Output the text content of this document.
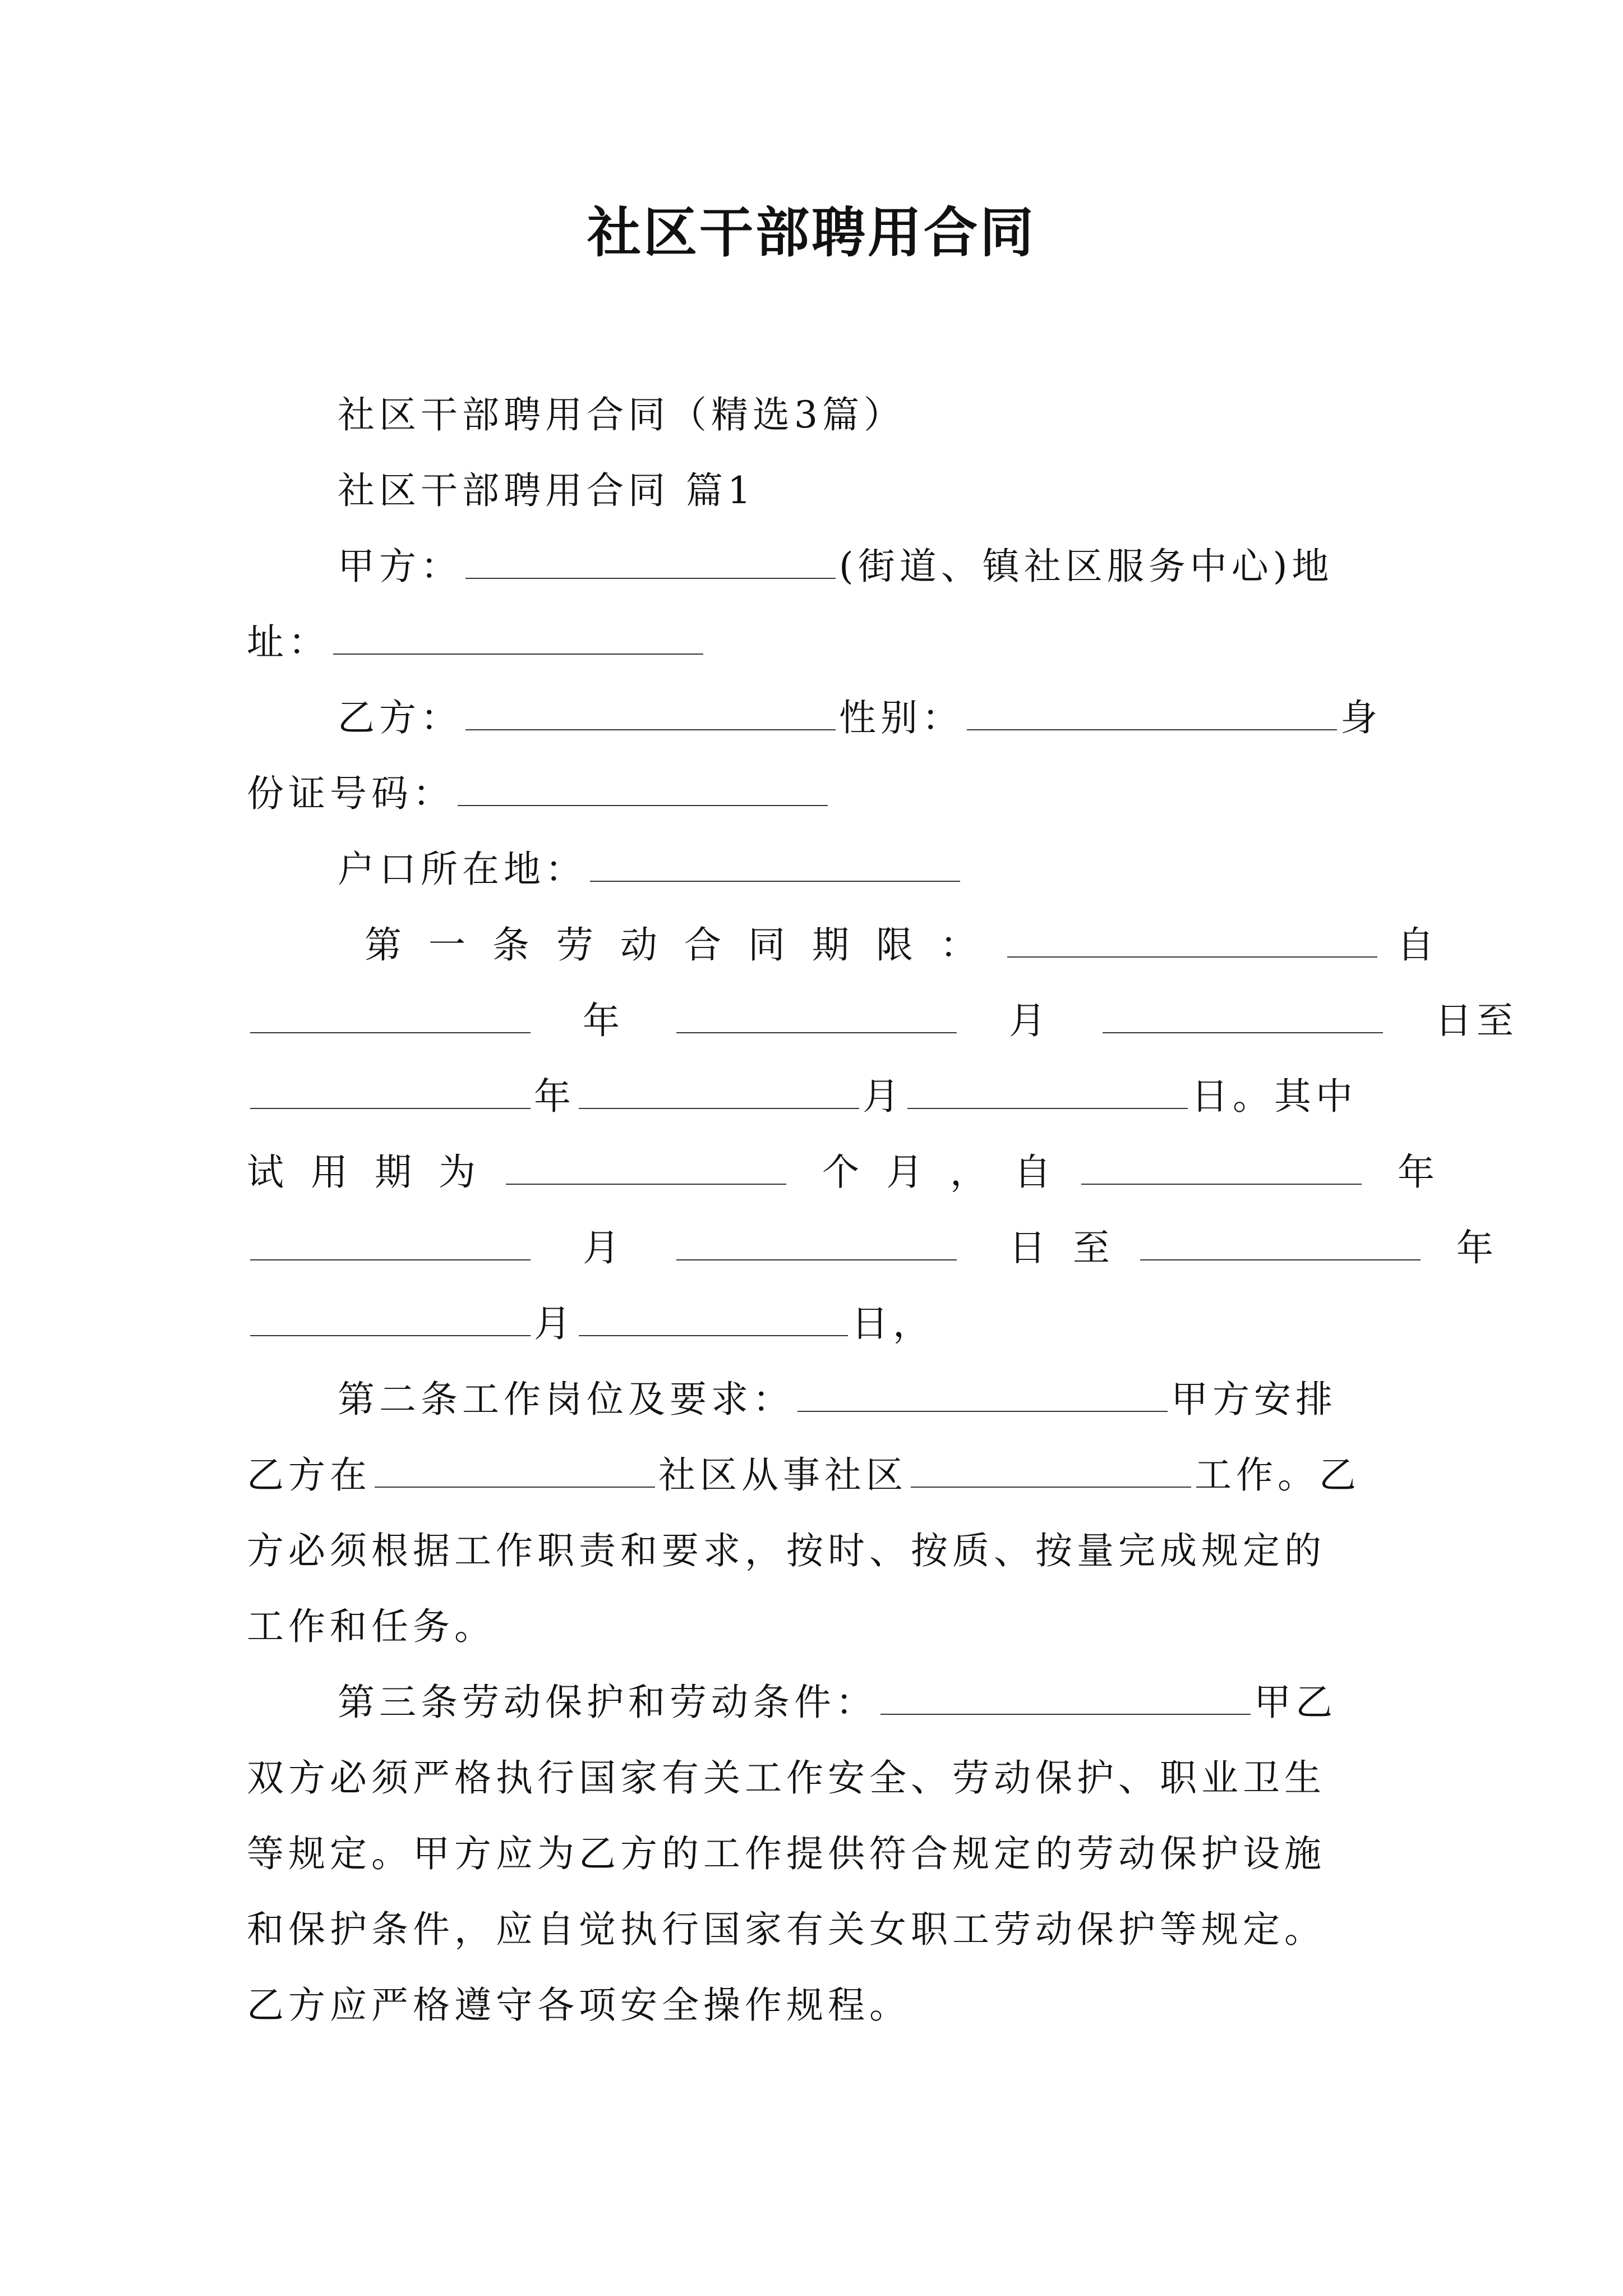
社区干部聘用合同
社区干部聘用合同（精选3篇）
社区干部聘用合同 篇1
甲方：	(街道、镇社区服务中心)地
址：
乙方：	性别：	身
份证号码：
户口所在地：
第一条劳动合同期限：	自
年	月	日至
年	月	日。其中
试用期为	个月，自	年
月	日至	年
月	日，
第二条工作岗位及要求：	甲方安排
乙方在	社区从事社区	工作。乙
方必须根据工作职责和要求，按时、按质、按量完成规定的
工作和任务。
第三条劳动保护和劳动条件：	甲乙
双方必须严格执行国家有关工作安全、劳动保护、职业卫生
等规定。甲方应为乙方的工作提供符合规定的劳动保护设施
和保护条件，应自觉执行国家有关女职工劳动保护等规定。
乙方应严格遵守各项安全操作规程。
